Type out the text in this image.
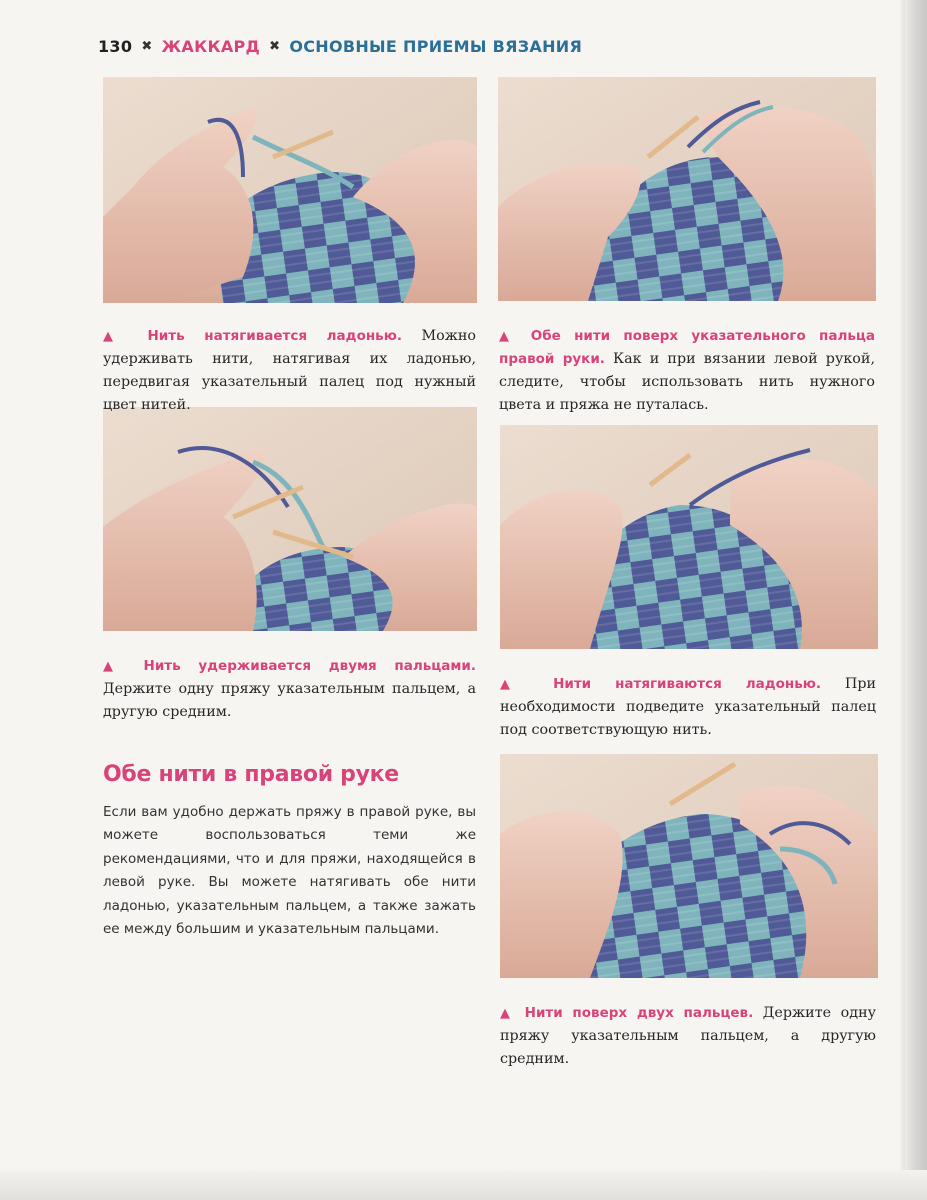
130 ✖ ЖАККАРД ✖ ОСНОВНЫЕ ПРИЕМЫ ВЯЗАНИЯ
▲ Нить натягивается ладонью. Можно удерживать нити, натягивая их ладонью, передвигая указательный палец под нужный цвет нитей.
▲ Нить удерживается двумя пальцами. Держите одну пряжу указательным пальцем, а другую средним.
▲ Обе нити поверх указательного пальца правой руки. Как и при вязании левой рукой, следите, чтобы использовать нить нужного цвета и пряжа не путалась.
▲ Нити натягиваются ладонью. При необходимости подведите указательный палец под соответствующую нить.
▲ Нити поверх двух пальцев. Держите одну пряжу указательным пальцем, а другую средним.
Обе нити в правой руке
Если вам удобно держать пряжу в правой руке, вы можете воспользоваться теми же рекомендациями, что и для пряжи, находящейся в левой руке. Вы можете натягивать обе нити ладонью, указательным пальцем, а также зажать ее между большим и указательным пальцами.
